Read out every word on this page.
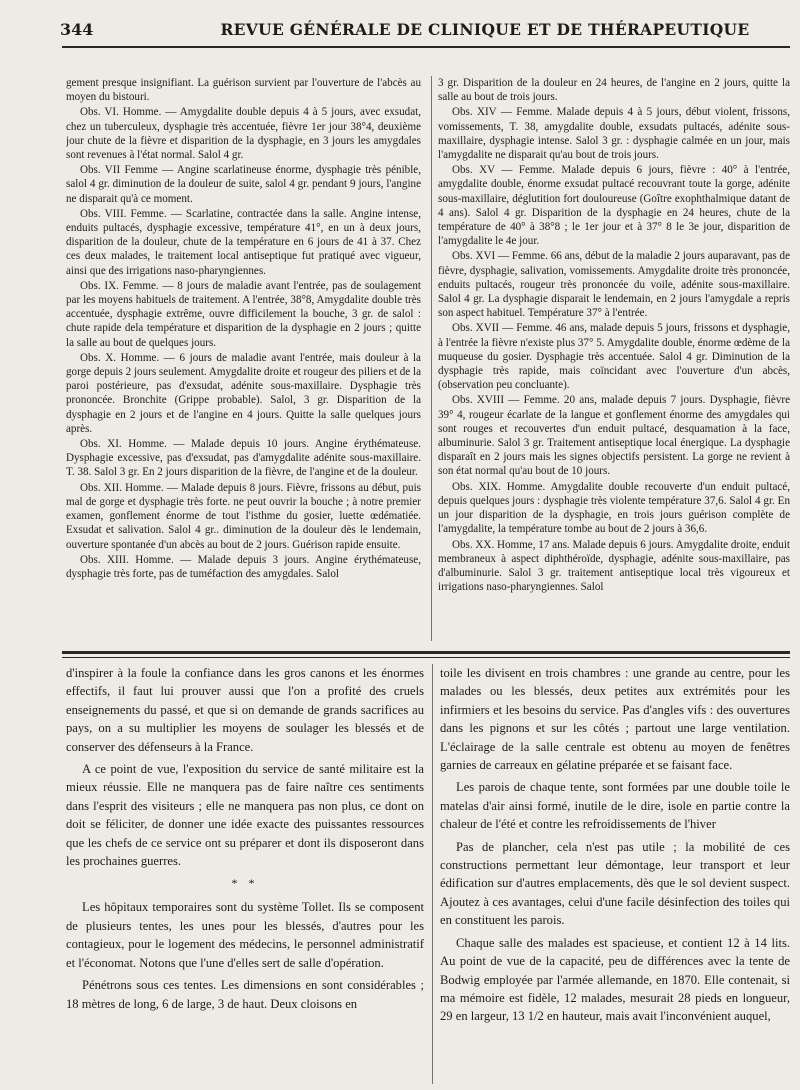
344	REVUE GÉNÉRALE DE CLINIQUE ET DE THÉRAPEUTIQUE

gement presque insignifiant. La guérison survient par l'ouverture de l'abcès au moyen du bistouri.

Obs. VI. Homme. — Amygdalite double depuis 4 à 5 jours, avec exsudat, chez un tuberculeux, dysphagie très accentuée, fièvre 1er jour 38°4, deuxième jour chute de la fièvre et disparition de la dysphagie, en 3 jours les amygdales sont revenues à l'état normal. Salol 4 gr.

Obs. VII Femme — Angine scarlatineuse énorme, dysphagie très pénible, salol 4 gr. diminution de la douleur de suite, salol 4 gr. pendant 9 jours, l'angine ne disparait qu'à ce moment.

Obs. VIII. Femme. — Scarlatine, contractée dans la salle. Angine intense, enduits pultacés, dysphagie excessive, température 41°, en un à deux jours, disparition de la douleur, chute de la température en 6 jours de 41 à 37. Chez ces deux malades, le traitement local antiseptique fut pratiqué avec vigueur, ainsi que des irrigations naso-pharyngiennes.

Obs. IX. Femme. — 8 jours de maladie avant l'entrée, pas de soulagement par les moyens habituels de traitement. A l'entrée, 38°8, Amygdalite double très accentuée, dysphagie extrême, ouvre difficilement la bouche, 3 gr. de salol : chute rapide dela température et disparition de la dysphagie en 2 jours ; quitte la salle au bout de quelques jours.

Obs. X. Homme. — 6 jours de maladie avant l'entrée, mais douleur à la gorge depuis 2 jours seulement. Amygdalite droite et rougeur des piliers et de la paroi postérieure, pas d'exsudat, adénite sous-maxillaire. Dysphagie très prononcée. Bronchite (Grippe probable). Salol, 3 gr. Disparition de la dysphagie en 2 jours et de l'angine en 4 jours. Quitte la salle quelques jours après.

Obs. XI. Homme. — Malade depuis 10 jours. Angine érythémateuse. Dysphagie excessive, pas d'exsudat, pas d'amygdalite adénite sous-maxillaire. T. 38. Salol 3 gr. En 2 jours disparition de la fièvre, de l'angine et de la douleur.

Obs. XII. Homme. — Malade depuis 8 jours. Fièvre, frissons au début, puis mal de gorge et dysphagie très forte. ne peut ouvrir la bouche ; à notre premier examen, gonflement énorme de tout l'isthme du gosier, luette œdématiée. Exsudat et salivation. Salol 4 gr.. diminution de la douleur dès le lendemain, ouverture spontanée d'un abcès au bout de 2 jours. Guérison rapide ensuite.

Obs. XIII. Homme. — Malade depuis 3 jours. Angine érythémateuse, dysphagie très forte, pas de tuméfaction des amygdales. Salol

3 gr. Disparition de la douleur en 24 heures, de l'angine en 2 jours, quitte la salle au bout de trois jours.

Obs. XIV — Femme. Malade depuis 4 à 5 jours, début violent, frissons, vomissements, T. 38, amygdalite double, exsudats pultacés, adénite sous-maxillaire, dysphagie intense. Salol 3 gr. : dysphagie calmée en un jour, mais l'amygdalite ne disparait qu'au bout de trois jours.

Obs. XV — Femme. Malade depuis 6 jours, fièvre : 40° à l'entrée, amygdalite double, énorme exsudat pultacé recouvrant toute la gorge, adénite sous-maxillaire, déglutition fort douloureuse (Goître exophthalmique datant de 4 ans). Salol 4 gr. Disparition de la dysphagie en 24 heures, chute de la température de 40° à 38°8 ; le 1er jour et à 37° 8 le 3e jour, disparition de l'amygdalite le 4e jour.

Obs. XVI — Femme. 66 ans, début de la maladie 2 jours auparavant, pas de fièvre, dysphagie, salivation, vomissements. Amygdalite droite très prononcée, enduits pultacés, rougeur très prononcée du voile, adénite sous-maxillaire. Salol 4 gr. La dysphagie disparait le lendemain, en 2 jours l'amygdale a repris son aspect habituel. Température 37° à l'entrée.

Obs. XVII — Femme. 46 ans, malade depuis 5 jours, frissons et dysphagie, à l'entrée la fièvre n'existe plus 37° 5. Amygdalite double, énorme œdème de la muqueuse du gosier. Dysphagie très accentuée. Salol 4 gr. Diminution de la dysphagie très rapide, mais coïncidant avec l'ouverture d'un abcès, (observation peu concluante).

Obs. XVIII — Femme. 20 ans, malade depuis 7 jours. Dysphagie, fièvre 39° 4, rougeur écarlate de la langue et gonflement énorme des amygdales qui sont rouges et recouvertes d'un enduit pultacé, desquamation à la face, albuminurie. Salol 3 gr. Traitement antiseptique local énergique. La dysphagie disparaît en 2 jours mais les signes objectifs persistent. La gorge ne revient à son état normal qu'au bout de 10 jours.

Obs. XIX. Homme. Amygdalite double recouverte d'un enduit pultacé, depuis quelques jours : dysphagie très violente température 37,6. Salol 4 gr. En un jour disparition de la dysphagie, en trois jours guérison complète de l'amygdalite, la température tombe au bout de 2 jours à 36,6.

Obs. XX. Homme, 17 ans. Malade depuis 6 jours. Amygdalite droite, enduit membraneux à aspect diphthéroïde, dysphagie, adénite sous-maxillaire, pas d'albuminurie. Salol 3 gr. traitement antiseptique local très vigoureux et irrigations naso-pharyngiennes. Salol

d'inspirer à la foule la confiance dans les gros canons et les énormes effectifs, il faut lui prouver aussi que l'on a profité des cruels enseignements du passé, et que si on demande de grands sacrifices au pays, on a su multiplier les moyens de soulager les blessés et de conserver des défenseurs à la France.

A ce point de vue, l'exposition du service de santé militaire est la mieux réussie. Elle ne manquera pas de faire naître ces sentiments dans l'esprit des visiteurs ; elle ne manquera pas non plus, ce dont on doit se féliciter, de donner une idée exacte des puissantes ressources que les chefs de ce service ont su préparer et dont ils disposeront dans les prochaines guerres.

* *

Les hôpitaux temporaires sont du système Tollet. Ils se composent de plusieurs tentes, les unes pour les blessés, d'autres pour les contagieux, pour le logement des médecins, le personnel administratif et l'économat. Notons que l'une d'elles sert de salle d'opération.

Pénétrons sous ces tentes. Les dimensions en sont considérables ; 18 mètres de long, 6 de large, 3 de haut. Deux cloisons en

toile les divisent en trois chambres : une grande au centre, pour les malades ou les blessés, deux petites aux extrémités pour les infirmiers et les besoins du service. Pas d'angles vifs : des ouvertures dans les pignons et sur les côtés ; partout une large ventilation. L'éclairage de la salle centrale est obtenu au moyen de fenêtres garnies de carreaux en gélatine préparée et se faisant face.

Les parois de chaque tente, sont formées par une double toile le matelas d'air ainsi formé, inutile de le dire, isole en partie contre la chaleur de l'été et contre les refroidissements de l'hiver

Pas de plancher, cela n'est pas utile ; la mobilité de ces constructions permettant leur démontage, leur transport et leur édification sur d'autres emplacements, dès que le sol devient suspect. Ajoutez à ces avantages, celui d'une facile désinfection des toiles qui en constituent les parois.

Chaque salle des malades est spacieuse, et contient 12 à 14 lits. Au point de vue de la capacité, peu de différences avec la tente de Bodwig employée par l'armée allemande, en 1870. Elle contenait, si ma mémoire est fidèle, 12 malades, mesurait 28 pieds en longueur, 29 en largeur, 13 1/2 en hauteur, mais avait l'inconvénient auquel,
